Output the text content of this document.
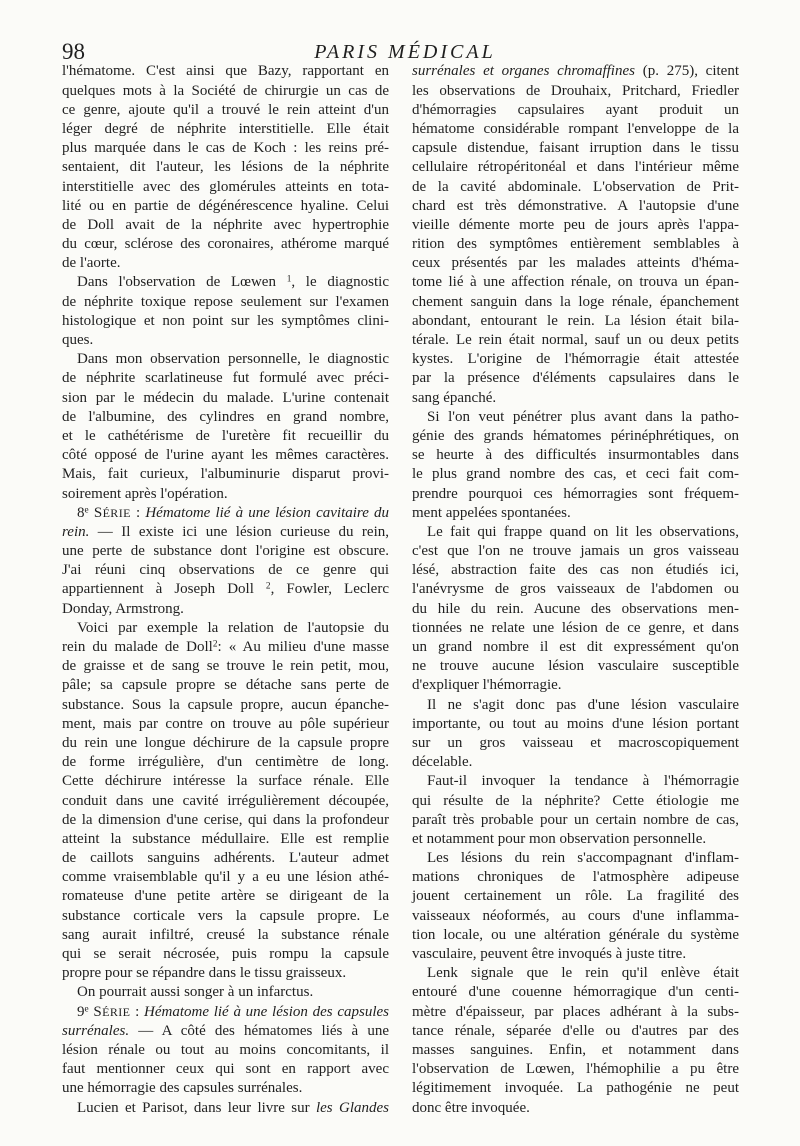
98	PARIS MÉDICAL
l'hématome. C'est ainsi que Bazy, rapportant en
quelques mots à la Société de chirurgie un cas de
ce genre, ajoute qu'il a trouvé le rein atteint d'un
léger degré de néphrite interstitielle. Elle était
plus marquée dans le cas de Koch : les reins pré-
sentaient, dit l'auteur, les lésions de la néphrite
interstitielle avec des glomérules atteints en tota-
lité ou en partie de dégénérescence hyaline. Celui
de Doll avait de la néphrite avec hypertrophie
du cœur, sclérose des coronaires, athérome marqué
de l'aorte.
Dans l'observation de Lœwen $^1$, le diagnostic
de néphrite toxique repose seulement sur l'examen
histologique et non point sur les symptômes clini-
ques.
Dans mon observation personnelle, le diagnostic
de néphrite scarlatineuse fut formulé avec préci-
sion par le médecin du malade. L'urine contenait
de l'albumine, des cylindres en grand nombre,
et le cathétérisme de l'uretère fit recueillir du
côté opposé de l'urine ayant les mêmes caractères.
Mais, fait curieux, l'albuminurie disparut provi-
soirement après l'opération.
8e SÉRIE : Hématome lié à une lésion cavitaire du
rein. — Il existe ici une lésion curieuse du rein,
une perte de substance dont l'origine est obscure.
J'ai réuni cinq observations de ce genre qui
appartiennent à Joseph Doll $^2$, Fowler, Leclerc
Donday, Armstrong.
Voici par exemple la relation de l'autopsie du
rein du malade de Doll$^2$: « Au milieu d'une masse
de graisse et de sang se trouve le rein petit, mou,
pâle; sa capsule propre se détache sans perte de
substance. Sous la capsule propre, aucun épanche-
ment, mais par contre on trouve au pôle supérieur
du rein une longue déchirure de la capsule propre
de forme irrégulière, d'un centimètre de long.
Cette déchirure intéresse la surface rénale. Elle
conduit dans une cavité irrégulièrement découpée,
de la dimension d'une cerise, qui dans la profondeur
atteint la substance médullaire. Elle est remplie
de caillots sanguins adhérents. L'auteur admet
comme vraisemblable qu'il y a eu une lésion athé-
romateuse d'une petite artère se dirigeant de la
substance corticale vers la capsule propre. Le
sang aurait infiltré, creusé la substance rénale
qui se serait nécrosée, puis rompu la capsule
propre pour se répandre dans le tissu graisseux.
On pourrait aussi songer à un infarctus.
9e SÉRIE : Hématome lié à une lésion des capsules
surrénales. — A côté des hématomes liés à une
lésion rénale ou tout au moins concomitants, il
faut mentionner ceux qui sont en rapport avec
une hémorragie des capsules surrénales.
Lucien et Parisot, dans leur livre sur les Glandes
surrénales et organes chromaffines (p. 275), citent
les observations de Drouhaix, Pritchard, Friedler
d'hémorragies capsulaires ayant produit un
hématome considérable rompant l'enveloppe de la
capsule distendue, faisant irruption dans le tissu
cellulaire rétropéritonéal et dans l'intérieur même
de la cavité abdominale. L'observation de Prit-
chard est très démonstrative. A l'autopsie d'une
vieille démente morte peu de jours après l'appa-
rition des symptômes entièrement semblables à
ceux présentés par les malades atteints d'héma-
tome lié à une affection rénale, on trouva un épan-
chement sanguin dans la loge rénale, épanchement
abondant, entourant le rein. La lésion était bila-
térale. Le rein était normal, sauf un ou deux petits
kystes. L'origine de l'hémorragie était attestée
par la présence d'éléments capsulaires dans le
sang épanché.
Si l'on veut pénétrer plus avant dans la patho-
génie des grands hématomes périnéphrétiques, on
se heurte à des difficultés insurmontables dans
le plus grand nombre des cas, et ceci fait com-
prendre pourquoi ces hémorragies sont fréquem-
ment appelées spontanées.
Le fait qui frappe quand on lit les observations,
c'est que l'on ne trouve jamais un gros vaisseau
lésé, abstraction faite des cas non étudiés ici,
l'anévrysme de gros vaisseaux de l'abdomen ou
du hile du rein. Aucune des observations men-
tionnées ne relate une lésion de ce genre, et dans
un grand nombre il est dit expressément qu'on
ne trouve aucune lésion vasculaire susceptible
d'expliquer l'hémorragie.
Il ne s'agit donc pas d'une lésion vasculaire
importante, ou tout au moins d'une lésion portant
sur un gros vaisseau et macroscopiquement
décelable.
Faut-il invoquer la tendance à l'hémorragie
qui résulte de la néphrite? Cette étiologie me
paraît très probable pour un certain nombre de cas,
et notamment pour mon observation personnelle.
Les lésions du rein s'accompagnant d'inflam-
mations chroniques de l'atmosphère adipeuse
jouent certainement un rôle. La fragilité des
vaisseaux néoformés, au cours d'une inflamma-
tion locale, ou une altération générale du système
vasculaire, peuvent être invoqués à juste titre.
Lenk signale que le rein qu'il enlève était
entouré d'une couenne hémorragique d'un centi-
mètre d'épaisseur, par places adhérant à la subs-
tance rénale, séparée d'elle ou d'autres par des
masses sanguines. Enfin, et notamment dans
l'observation de Lœwen, l'hémophilie a pu être
légitimement invoquée. La pathogénie ne peut
donc être invoquée.
